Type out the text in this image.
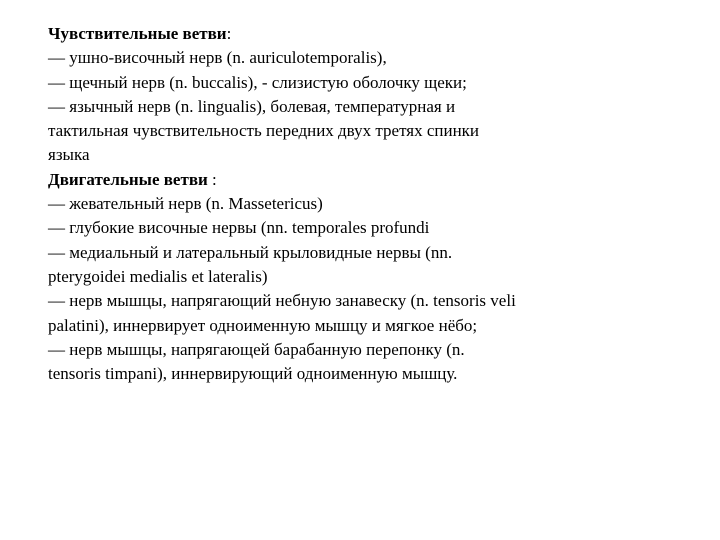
Чувствительные ветви:
— ушно-височный нерв (n. auriculotemporalis),
— щечный нерв (n. buccalis), - слизистую оболочку щеки;
— язычный нерв (n. lingualis), болевая, температурная и
тактильная чувствительность передних двух третях спинки
языка
Двигательные ветви :
— жевательный нерв (n. Massetericus)
— глубокие височные нервы (nn. temporales profundi
— медиальный и латеральный крыловидные нервы (nn.
pterygoidei medialis et lateralis)
— нерв мышцы, напрягающий небную занавеску (n. tensoris veli
palatini), иннервирует одноименную мышцу и мягкое нёбо;
— нерв мышцы, напрягающей барабанную перепонку (n.
tensoris timpani), иннервирующий одноименную мышцу.
